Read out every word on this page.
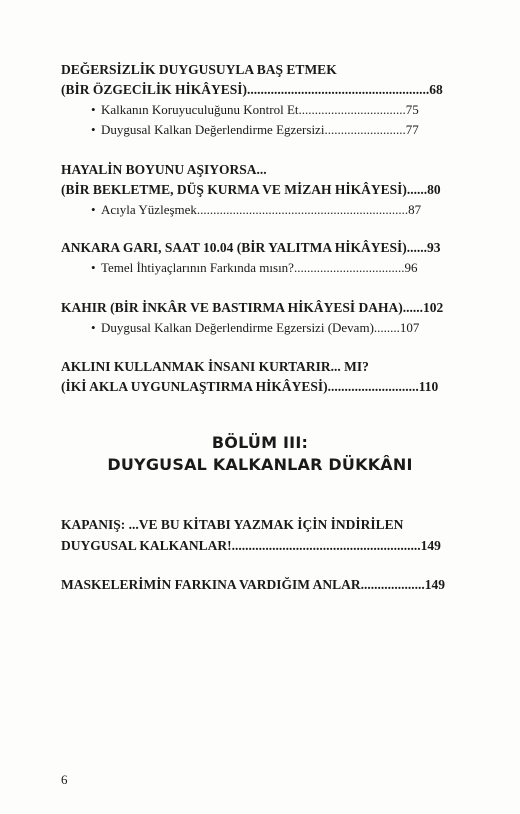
DEĞERSİZLİK DUYGUSUYLA BAŞ ETMEK
(BİR ÖZGECİLİK HİKÂYESİ)......................................................68
• Kalkanın Koruyuculuğunu Kontrol Et.................................75
• Duygusal Kalkan Değerlendirme Egzersizi.........................77
HAYALİN BOYUNU AŞIYORSA...
(BİR BEKLETME, DÜŞ KURMA VE MİZAH HİKÂYESİ)......80
• Acıyla Yüzleşmek.................................................................87
ANKARA GARI, SAAT 10.04 (BİR YALITMA HİKÂYESİ)......93
• Temel İhtiyaçlarının Farkında mısın?..................................96
KAHIR (BİR İNKÂR VE BASTIRMA HİKÂYESİ DAHA)......102
• Duygusal Kalkan Değerlendirme Egzersizi (Devam)........107
AKLINI KULLANMAK İNSANI KURTARIR... MI?
(İKİ AKLA UYGUNLAŞTIRMA HİKÂYESİ)...........................110
BÖLÜM III:
DUYGUSAL KALKANLAR DÜKKÂNI
KAPANIŞ: ...VE BU KİTABI YAZMAK İÇİN İNDİRİLEN
DUYGUSAL KALKANLAR!........................................................149
MASKELERİMİN FARKINA VARDIĞIM ANLAR...................149
6
